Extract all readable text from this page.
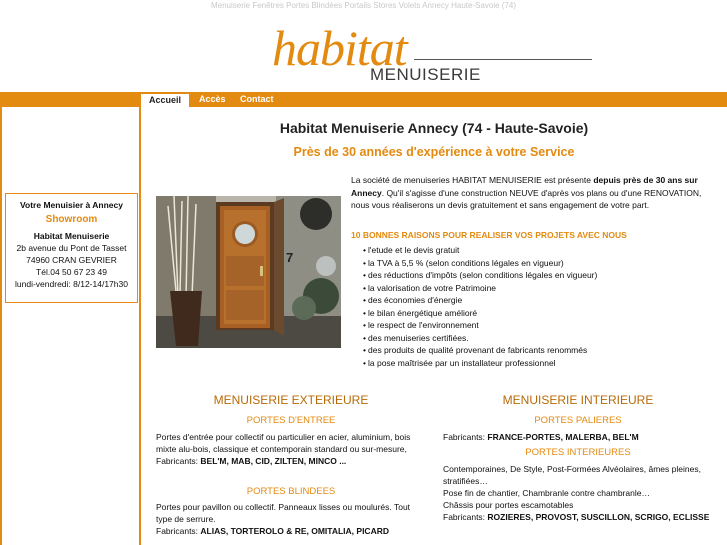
Menuiserie Fenêtres Portes Blindées Portails Stores Volets Annecy Haute-Savoie (74)
habitat
MENUISERIE
Accueil	Accès Contact
Votre Menuisier à Annecy
Showroom
Habitat Menuiserie
2b avenue du Pont de Tasset
74960 CRAN GEVRIER
Tél.04 50 67 23 49
lundi-vendredi: 8/12-14/17h30
Habitat Menuiserie Annecy (74 - Haute-Savoie)
Près de 30 années d'expérience à votre Service
7
La société de menuiseries HABITAT MENUISERIE est présente depuis près de 30 ans sur Annecy. Qu'il s'agisse d'une construction NEUVE d'après vos plans ou d'une RENOVATION, nous vous réaliserons un devis gratuitement et sans engagement de votre part.
10 BONNES RAISONS POUR REALISER VOS PROJETS AVEC NOUS
• l'etude et le devis gratuit
• la TVA à 5,5 % (selon conditions légales en vigueur)
• des réductions d'impôts (selon conditions légales en vigueur)
• la valorisation de votre Patrimoine
• des économies d'énergie
• le bilan énergétique amélioré
• le respect de l'environnement
• des menuiseries certifiées.
• des produits de qualité provenant de fabricants renommés
• la pose maîtrisée par un installateur professionnel
MENUISERIE EXTERIEURE
PORTES D'ENTREE
Portes d'entrée pour collectif ou particulier en acier, aluminium, bois mixte alu-bois, classique et contemporain standard ou sur-mesure,
Fabricants: BEL'M, MAB, CID, ZILTEN, MINCO ...
PORTES BLINDEES
Portes pour pavillon ou collectif. Panneaux lisses ou moulurés. Tout type de serrure.
Fabricants: ALIAS, TORTEROLO & RE, OMITALIA, PICARD
MENUISERIE INTERIEURE
PORTES PALIERES
Fabricants: FRANCE-PORTES, MALERBA, BEL'M
PORTES INTERIEURES
Contemporaines, De Style, Post-Formées Alvéolaires, âmes pleines, stratifiées…
Pose fin de chantier, Chambranle contre chambranle…
Châssis pour portes escamotables
Fabricants: ROZIERES, PROVOST, SUSCILLON, SCRIGO, ECLISSE
